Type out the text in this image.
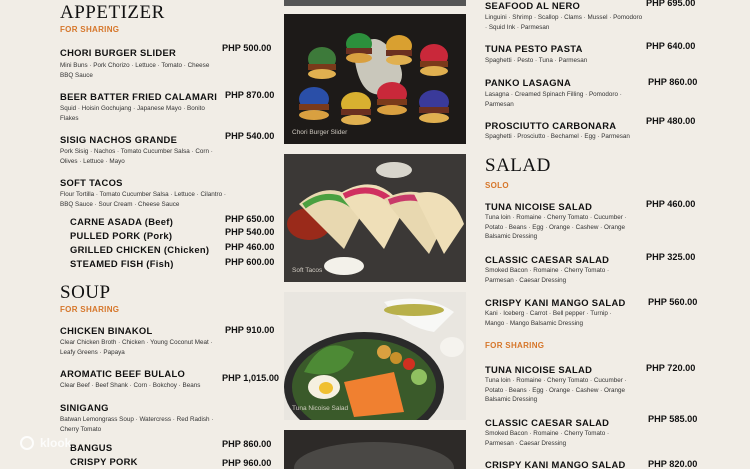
APPETIZER
FOR SHARING
CHORI BURGER SLIDER	PHP 500.00
Mini Buns · Pork Chorizo · Lettuce · Tomato · Cheese BBQ Sauce
BEER BATTER FRIED CALAMARI PHP 870.00
Squid · Hoisin Gochujang · Japanese Mayo · Bonito Flakes
SISIG NACHOS GRANDE	PHP 540.00
Pork Sisig · Nachos · Tomato Cucumber Salsa · Corn · Olives · Lettuce · Mayo
SOFT TACOS
Flour Tortilla · Tomato Cucumber Salsa · Lettuce · Cilantro · BBQ Sauce · Sour Cream · Cheese Sauce
CARNE ASADA (Beef)	PHP 650.00
PULLED PORK (Pork)	PHP 540.00
GRILLED CHICKEN (Chicken) PHP 460.00
STEAMED FISH (Fish)	PHP 600.00
SOUP
FOR SHARING
CHICKEN BINAKOL	PHP 910.00
Clear Chicken Broth · Chicken · Young Coconut Meat · Leafy Greens · Papaya
AROMATIC BEEF BULALO	PHP 1,015.00
Clear Beef · Beef Shank · Corn · Bokchoy · Beans
SINIGANG
Batwan Lemongrass Soup · Watercress · Red Radish · Cherry Tomato
BANGUS	PHP 860.00
CRISPY PORK	PHP 960.00
klook
Chori Burger Slider
Soft Tacos
Tuna Nicoise Salad
SEAFOOD AL NERO	PHP 695.00
Linguini · Shrimp · Scallop · Clams · Mussel · Pomodoro · Squid Ink · Parmesan
TUNA PESTO PASTA	PHP 640.00
Spaghetti · Pesto · Tuna · Parmesan
PANKO LASAGNA	PHP 860.00
Lasagna · Creamed Spinach Filling · Pomodoro · Parmesan
PROSCIUTTO CARBONARA	PHP 480.00
Spaghetti · Prosciutto · Bechamel · Egg · Parmesan
SALAD
SOLO
TUNA NICOISE SALAD	PHP 460.00
Tuna loin · Romaine · Cherry Tomato · Cucumber · Potato · Beans · Egg · Orange · Cashew · Orange Balsamic Dressing
CLASSIC CAESAR SALAD	PHP 325.00
Smoked Bacon · Romaine · Cherry Tomato · Parmesan · Caesar Dressing
CRISPY KANI MANGO SALAD PHP 560.00
Kani · Iceberg · Carrot · Bell pepper · Turnip · Mango · Mango Balsamic Dressing
FOR SHARING
TUNA NICOISE SALAD	PHP 720.00
Tuna loin · Romaine · Cherry Tomato · Cucumber · Potato · Beans · Egg · Orange · Cashew · Orange Balsamic Dressing
CLASSIC CAESAR SALAD	PHP 585.00
Smoked Bacon · Romaine · Cherry Tomato · Parmesan · Caesar Dressing
CRISPY KANI MANGO SALAD PHP 820.00
